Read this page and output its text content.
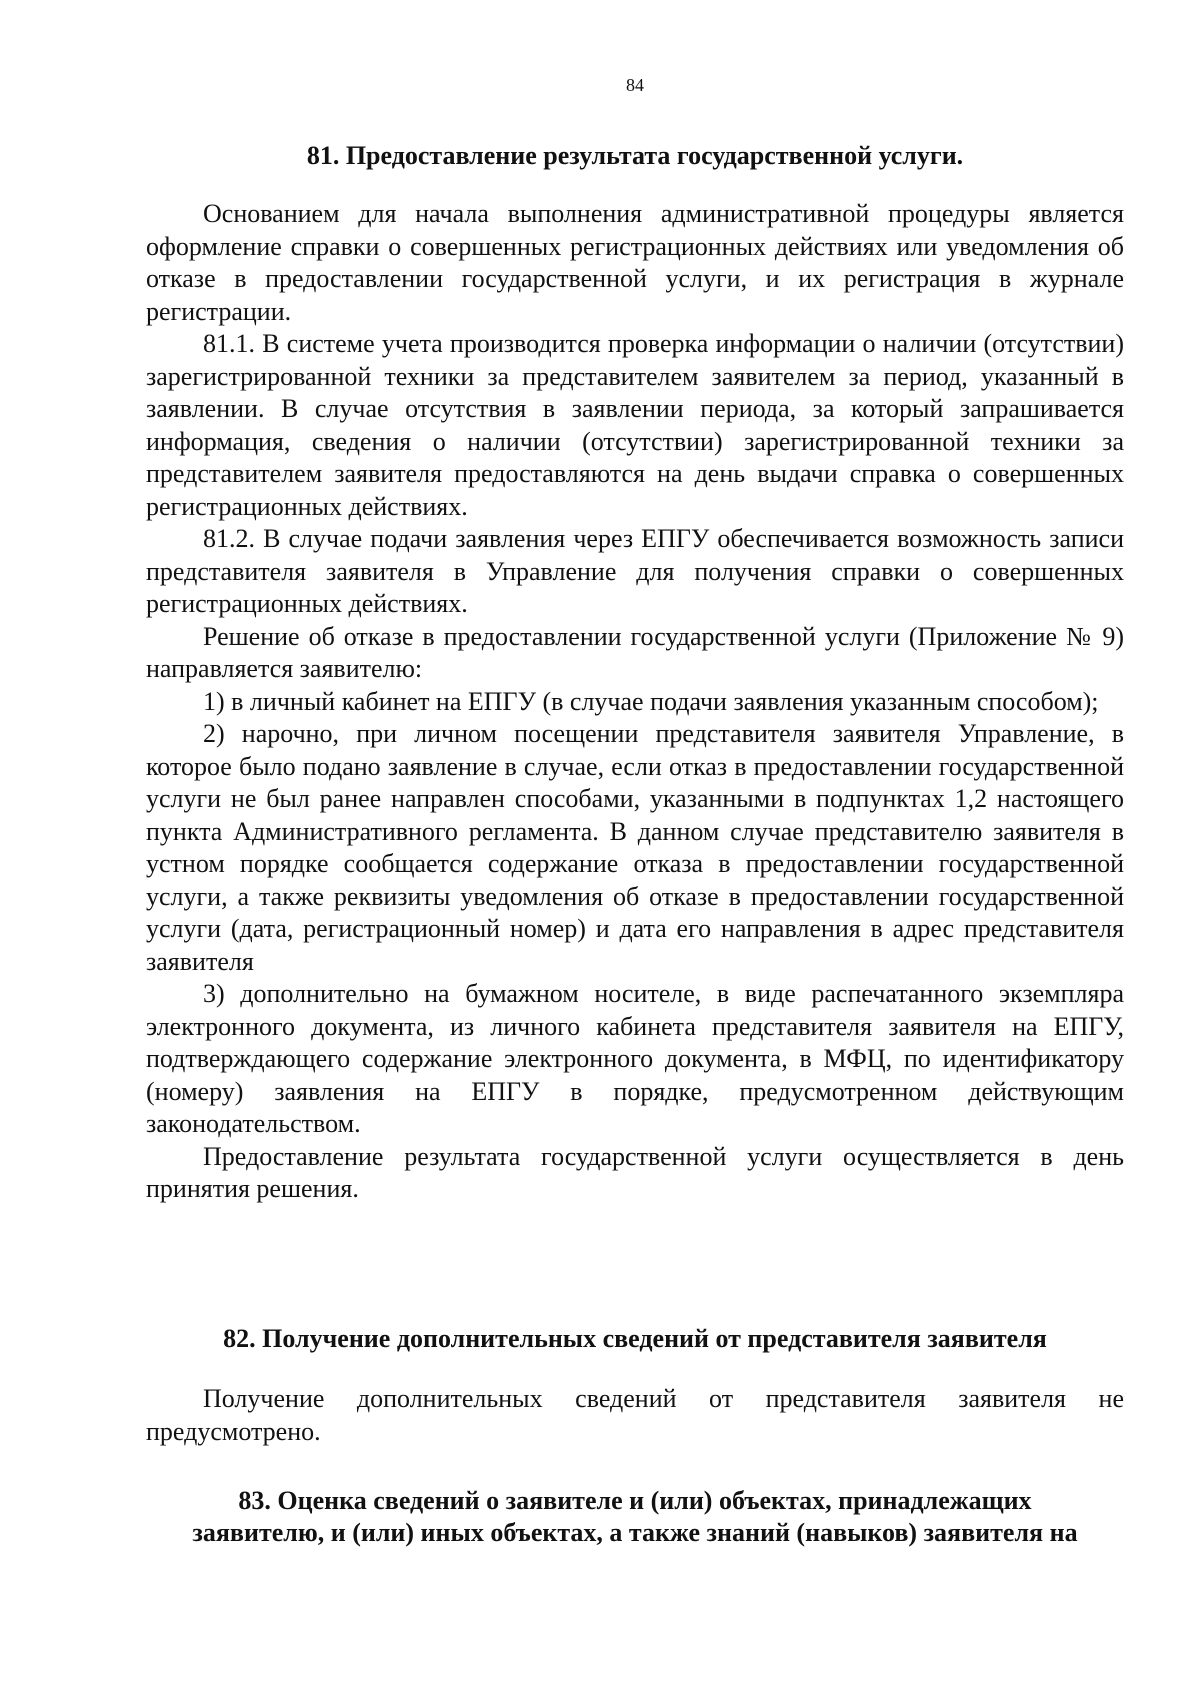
84

81. Предоставление результата государственной услуги.

Основанием для начала выполнения административной процедуры является оформление справки о совершенных регистрационных действиях или уведомления об отказе в предоставлении государственной услуги, и их регистрация в журнале регистрации.

81.1. В системе учета производится проверка информации о наличии (отсутствии) зарегистрированной техники за представителем заявителем за период, указанный в заявлении. В случае отсутствия в заявлении периода, за который запрашивается информация, сведения о наличии (отсутствии) зарегистрированной техники за представителем заявителя предоставляются на день выдачи справка о совершенных регистрационных действиях.

81.2. В случае подачи заявления через ЕПГУ обеспечивается возможность записи представителя заявителя в Управление для получения справки о совершенных регистрационных действиях.

Решение об отказе в предоставлении государственной услуги (Приложение № 9) направляется заявителю:

1) в личный кабинет на ЕПГУ (в случае подачи заявления указанным способом);

2) нарочно, при личном посещении представителя заявителя Управление, в которое было подано заявление в случае, если отказ в предоставлении государственной услуги не был ранее направлен способами, указанными в подпунктах 1,2 настоящего пункта Административного регламента. В данном случае представителю заявителя в устном порядке сообщается содержание отказа в предоставлении государственной услуги, а также реквизиты уведомления об отказе в предоставлении государственной услуги (дата, регистрационный номер) и дата его направления в адрес представителя заявителя

3) дополнительно на бумажном носителе, в виде распечатанного экземпляра электронного документа, из личного кабинета представителя заявителя на ЕПГУ, подтверждающего содержание электронного документа, в МФЦ, по идентификатору (номеру) заявления на ЕПГУ в порядке, предусмотренном действующим законодательством.

Предоставление результата государственной услуги осуществляется в день принятия решения.

82. Получение дополнительных сведений от представителя заявителя

Получение дополнительных сведений от представителя заявителя не предусмотрено.

83. Оценка сведений о заявителе и (или) объектах, принадлежащих

заявителю, и (или) иных объектах, а также знаний (навыков) заявителя на
